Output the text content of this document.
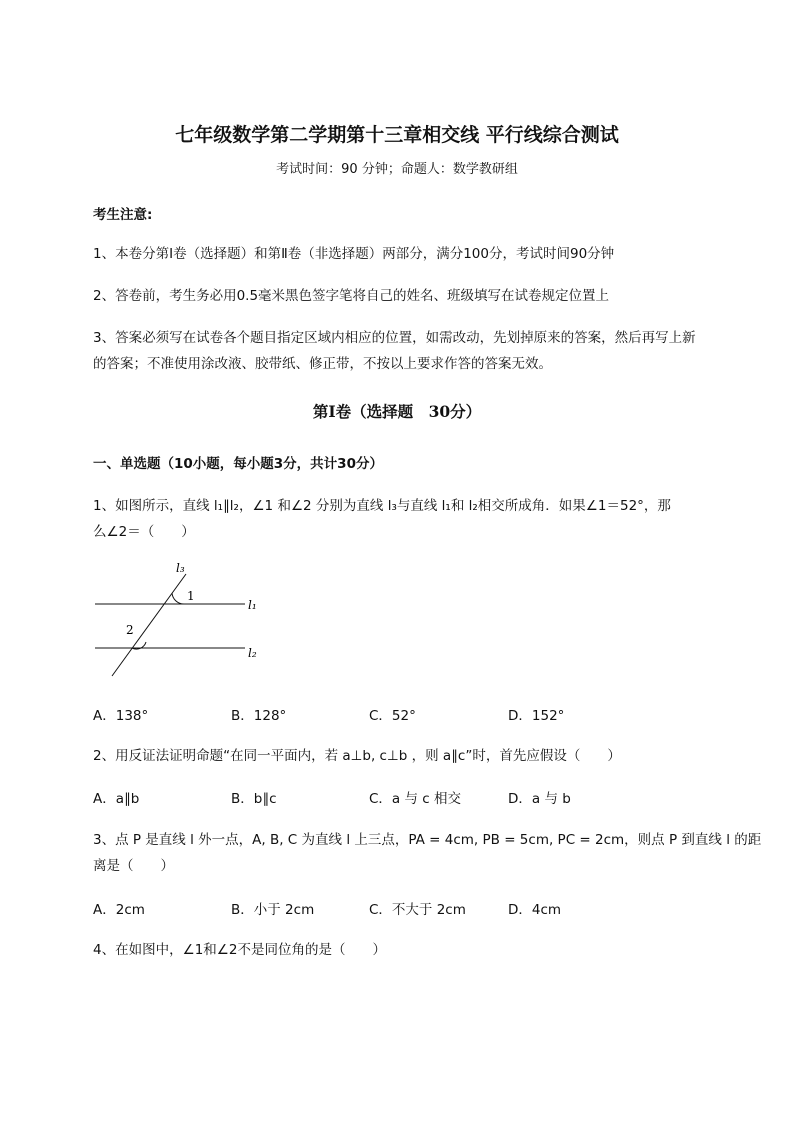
七年级数学第二学期第十三章相交线 平行线综合测试
考试时间：90 分钟；命题人：数学教研组
考生注意:
1、本卷分第Ⅰ卷（选择题）和第Ⅱ卷（非选择题）两部分，满分100分，考试时间90分钟
2、答卷前，考生务必用0.5毫米黑色签字笔将自己的姓名、班级填写在试卷规定位置上
3、答案必须写在试卷各个题目指定区域内相应的位置，如需改动，先划掉原来的答案，然后再写上新
的答案；不准使用涂改液、胶带纸、修正带，不按以上要求作答的答案无效。
第Ⅰ卷（选择题　30分）
一、单选题（10小题，每小题3分，共计30分）
1、如图所示，直线 l₁∥l₂，∠1 和∠2 分别为直线 l₃与直线 l₁和 l₂相交所成角．如果∠1＝52°，那
么∠2＝（　　）
l₃
1
l₁
2
l₂
A．138°	B．128°	C．52°	D．152°
2、用反证法证明命题“在同一平面内，若 a⊥b, c⊥b ，则 a∥c”时，首先应假设（　　）
A．a∥b	B．b∥c	C．a 与 c 相交	D．a 与 b
3、点 P 是直线 l 外一点，A, B, C 为直线 l 上三点，PA = 4cm, PB = 5cm, PC = 2cm，则点 P 到直线 l 的距
离是（　　）
A．2cm	B．小于 2cm	C．不大于 2cm	D．4cm
4、在如图中，∠1和∠2不是同位角的是（　　）
